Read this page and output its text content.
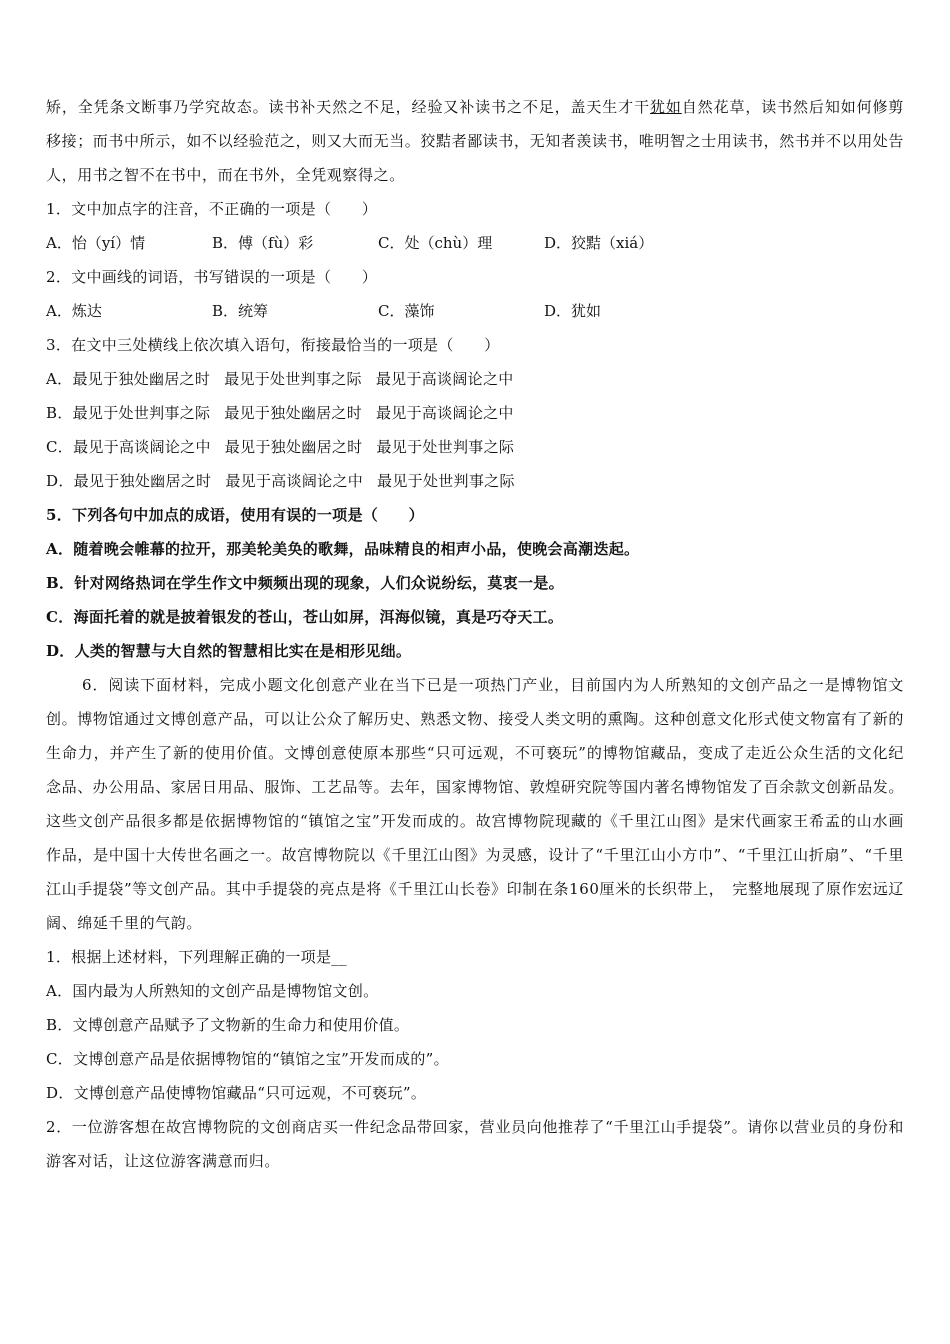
矫，全凭条文断事乃学究故态。读书补天然之不足，经验又补读书之不足，盖天生才干犹如自然花草，读书然后知如何修剪移接；而书中所示，如不以经验范之，则又大而无当。狡黠者鄙读书，无知者羡读书，唯明智之士用读书，然书并不以用处告人，用书之智不在书中，而在书外，全凭观察得之。

1．文中加点字的注音，不正确的一项是（　　）

A．怡（yí）情	B．傅（fù）彩	C．处（chù）理	D．狡黠（xiá）

2．文中画线的词语，书写错误的一项是（　　）

A．炼达	B．统筹	C．藻饰	D．犹如

3．在文中三处横线上依次填入语句，衔接最恰当的一项是（　　）

A．最见于独处幽居之时 最见于处世判事之际 最见于高谈阔论之中

B．最见于处世判事之际 最见于独处幽居之时 最见于高谈阔论之中

C．最见于高谈阔论之中 最见于独处幽居之时 最见于处世判事之际

D．最见于独处幽居之时 最见于高谈阔论之中 最见于处世判事之际

5．下列各句中加点的成语，使用有误的一项是（　　）

A．随着晚会帷幕的拉开，那美轮美奂的歌舞，品味精良的相声小品，使晚会高潮迭起。

B．针对网络热词在学生作文中频频出现的现象，人们众说纷纭，莫衷一是。

C．海面托着的就是披着银发的苍山，苍山如屏，洱海似镜，真是巧夺天工。

D．人类的智慧与大自然的智慧相比实在是相形见绌。

6．阅读下面材料，完成小题文化创意产业在当下已是一项热门产业，目前国内为人所熟知的文创产品之一是博物馆文创。博物馆通过文博创意产品，可以让公众了解历史、熟悉文物、接受人类文明的熏陶。这种创意文化形式使文物富有了新的生命力，并产生了新的使用价值。文博创意使原本那些“只可远观，不可亵玩”的博物馆藏品，变成了走近公众生活的文化纪念品、办公用品、家居日用品、服饰、工艺品等。去年，国家博物馆、敦煌研究院等国内著名博物馆发了百余款文创新品发。这些文创产品很多都是依据博物馆的“镇馆之宝”开发而成的。故宫博物院现藏的《千里江山图》是宋代画家王希孟的山水画作品，是中国十大传世名画之一。故宫博物院以《千里江山图》为灵感，设计了“千里江山小方巾”、“千里江山折扇”、“千里江山手提袋”等文创产品。其中手提袋的亮点是将《千里江山长卷》印制在条160厘米的长织带上，　完整地展现了原作宏远辽阔、绵延千里的气韵。

1．根据上述材料，下列理解正确的一项是__

A．国内最为人所熟知的文创产品是博物馆文创。

B．文博创意产品赋予了文物新的生命力和使用价值。

C．文博创意产品是依据博物馆的“镇馆之宝”开发而成的”。

D．文博创意产品使博物馆藏品“只可远观，不可亵玩”。

2．一位游客想在故宫博物院的文创商店买一件纪念品带回家，营业员向他推荐了“千里江山手提袋”。请你以营业员的身份和游客对话，让这位游客满意而归。
